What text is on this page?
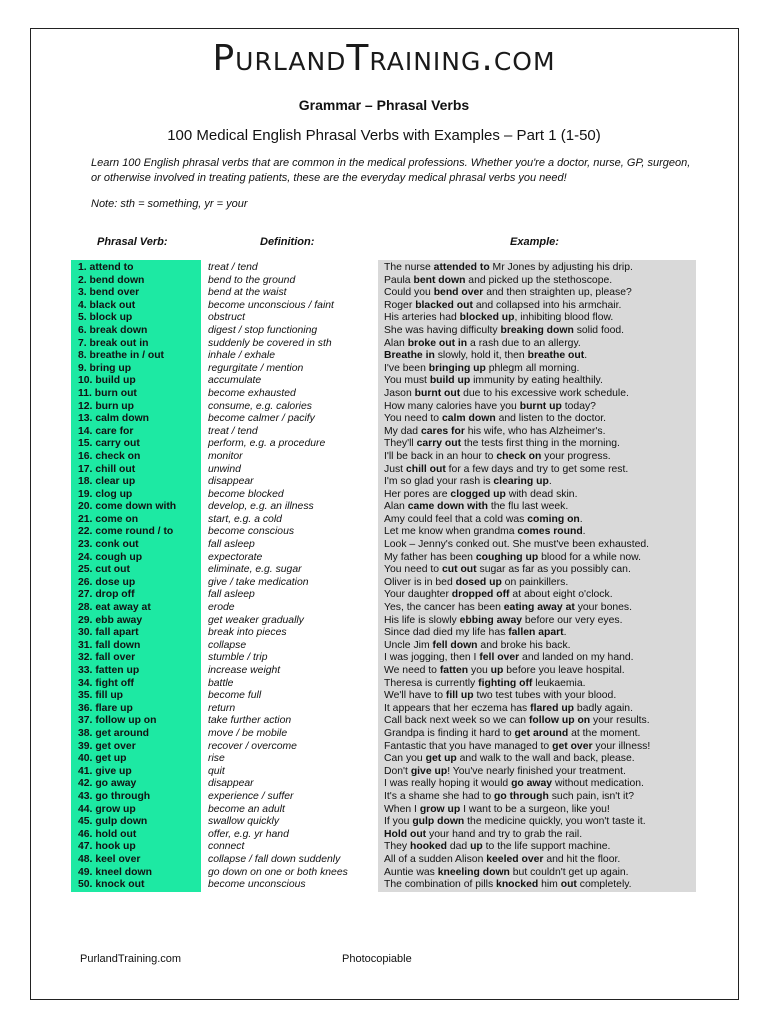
PurlandTraining.com
Grammar – Phrasal Verbs
100 Medical English Phrasal Verbs with Examples – Part 1 (1-50)
Learn 100 English phrasal verbs that are common in the medical professions. Whether you're a doctor, nurse, GP, surgeon, or otherwise involved in treating patients, these are the everyday medical phrasal verbs you need!
Note: sth = something, yr = your
Phrasal Verb:	Definition:	Example:
1. attend to	treat / tend	The nurse attended to Mr Jones by adjusting his drip.
2. bend down	bend to the ground	Paula bent down and picked up the stethoscope.
3. bend over	bend at the waist	Could you bend over and then straighten up, please?
4. black out	become unconscious / faint	Roger blacked out and collapsed into his armchair.
5. block up	obstruct	His arteries had blocked up, inhibiting blood flow.
6. break down	digest / stop functioning	She was having difficulty breaking down solid food.
7. break out in	suddenly be covered in sth	Alan broke out in a rash due to an allergy.
8. breathe in / out	inhale / exhale	Breathe in slowly, hold it, then breathe out.
9. bring up	regurgitate / mention	I've been bringing up phlegm all morning.
10. build up	accumulate	You must build up immunity by eating healthily.
11. burn out	become exhausted	Jason burnt out due to his excessive work schedule.
12. burn up	consume, e.g. calories	How many calories have you burnt up today?
13. calm down	become calmer / pacify	You need to calm down and listen to the doctor.
14. care for	treat / tend	My dad cares for his wife, who has Alzheimer's.
15. carry out	perform, e.g. a procedure	They'll carry out the tests first thing in the morning.
16. check on	monitor	I'll be back in an hour to check on your progress.
17. chill out	unwind	Just chill out for a few days and try to get some rest.
18. clear up	disappear	I'm so glad your rash is clearing up.
19. clog up	become blocked	Her pores are clogged up with dead skin.
20. come down with	develop, e.g. an illness	Alan came down with the flu last week.
21. come on	start, e.g. a cold	Amy could feel that a cold was coming on.
22. come round / to	become conscious	Let me know when grandma comes round.
23. conk out	fall asleep	Look – Jenny's conked out. She must've been exhausted.
24. cough up	expectorate	My father has been coughing up blood for a while now.
25. cut out	eliminate, e.g. sugar	You need to cut out sugar as far as you possibly can.
26. dose up	give / take medication	Oliver is in bed dosed up on painkillers.
27. drop off	fall asleep	Your daughter dropped off at about eight o'clock.
28. eat away at	erode	Yes, the cancer has been eating away at your bones.
29. ebb away	get weaker gradually	His life is slowly ebbing away before our very eyes.
30. fall apart	break into pieces	Since dad died my life has fallen apart.
31. fall down	collapse	Uncle Jim fell down and broke his back.
32. fall over	stumble / trip	I was jogging, then I fell over and landed on my hand.
33. fatten up	increase weight	We need to fatten you up before you leave hospital.
34. fight off	battle	Theresa is currently fighting off leukaemia.
35. fill up	become full	We'll have to fill up two test tubes with your blood.
36. flare up	return	It appears that her eczema has flared up badly again.
37. follow up on	take further action	Call back next week so we can follow up on your results.
38. get around	move / be mobile	Grandpa is finding it hard to get around at the moment.
39. get over	recover / overcome	Fantastic that you have managed to get over your illness!
40. get up	rise	Can you get up and walk to the wall and back, please.
41. give up	quit	Don't give up! You've nearly finished your treatment.
42. go away	disappear	I was really hoping it would go away without medication.
43. go through	experience / suffer	It's a shame she had to go through such pain, isn't it?
44. grow up	become an adult	When I grow up I want to be a surgeon, like you!
45. gulp down	swallow quickly	If you gulp down the medicine quickly, you won't taste it.
46. hold out	offer, e.g. yr hand	Hold out your hand and try to grab the rail.
47. hook up	connect	They hooked dad up to the life support machine.
48. keel over	collapse / fall down suddenly	All of a sudden Alison keeled over and hit the floor.
49. kneel down	go down on one or both knees	Auntie was kneeling down but couldn't get up again.
50. knock out	become unconscious	The combination of pills knocked him out completely.
PurlandTraining.com	Photocopiable
